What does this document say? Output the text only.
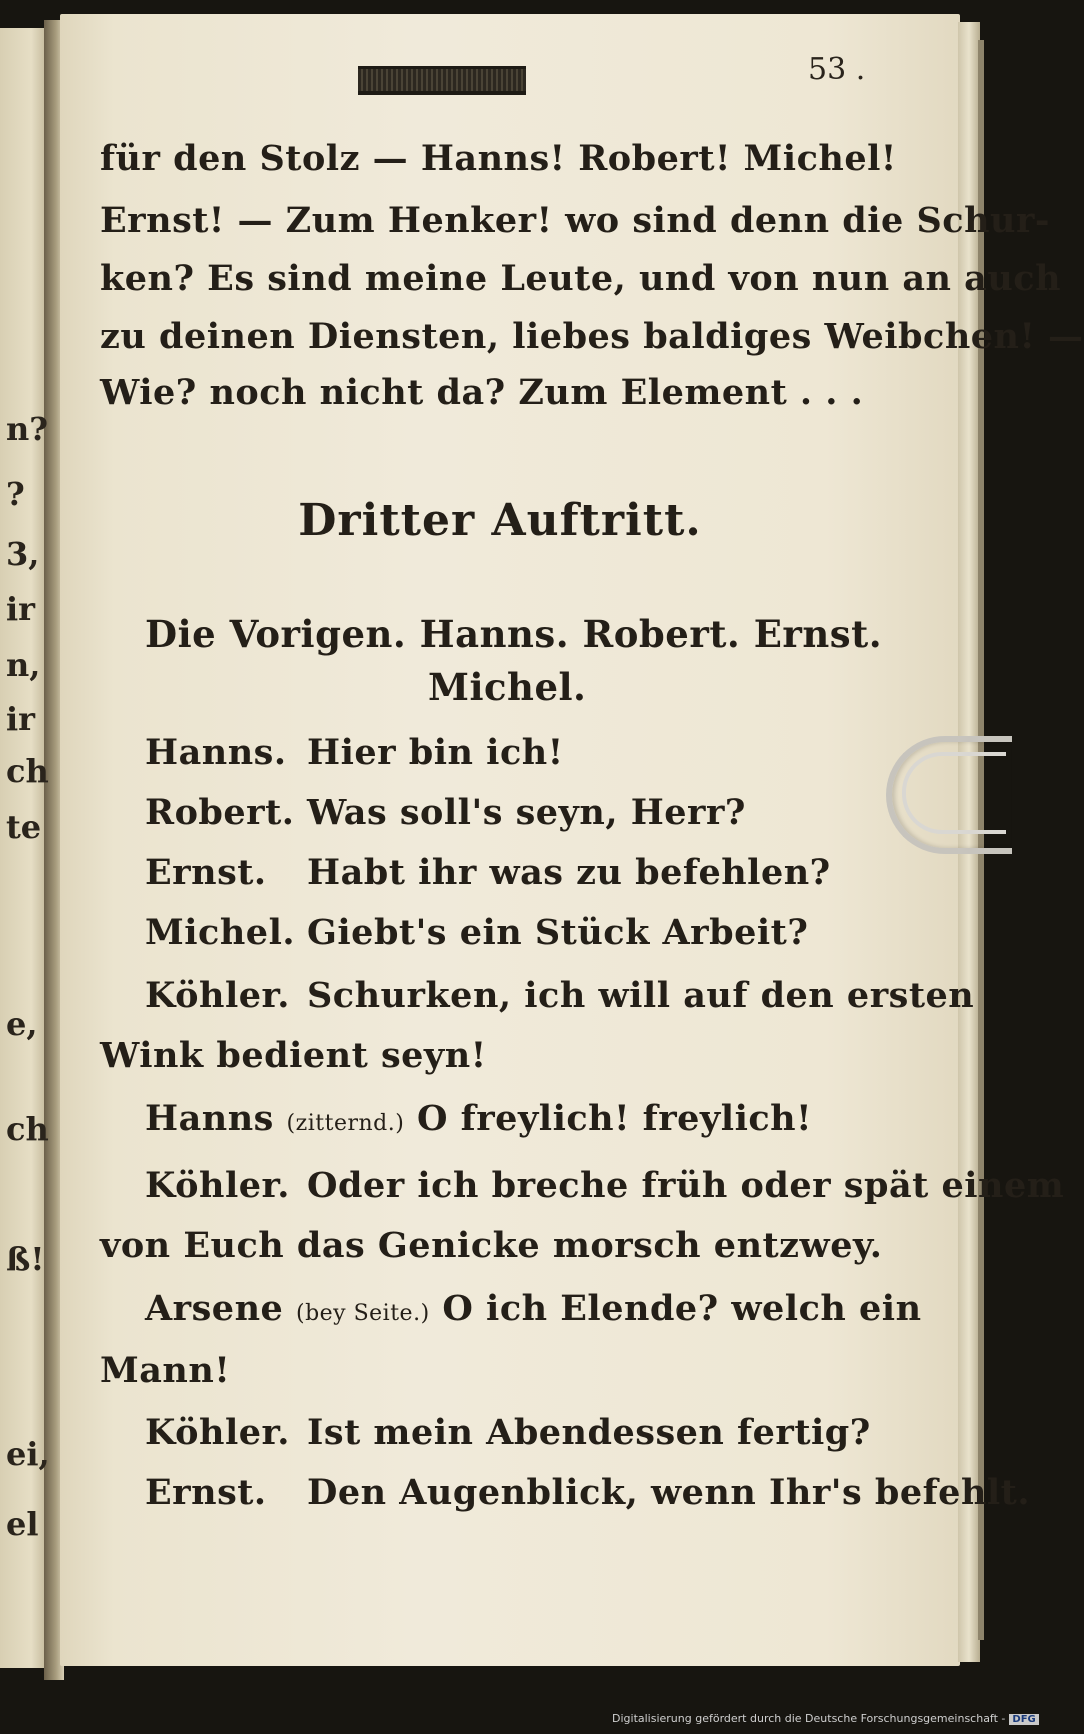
n?
?
3,
ir
n,
ir
ch
te
e,
ch
ß!
ei,
el
53 .
für den Stolz — Hanns! Robert! Michel!
Ernst! — Zum Henker! wo sind denn die Schur-
ken? Es sind meine Leute, und von nun an auch
zu deinen Diensten, liebes baldiges Weibchen! —
Wie? noch nicht da? Zum Element . . .
Dritter Auftritt.
Die Vorigen. Hanns. Robert. Ernst.
Michel.
Hanns. Hier bin ich!
Robert. Was soll's seyn, Herr?
Ernst. Habt ihr was zu befehlen?
Michel. Giebt's ein Stück Arbeit?
Köhler. Schurken, ich will auf den ersten
Wink bedient seyn!
Hanns (zitternd.) O freylich! freylich!
Köhler. Oder ich breche früh oder spät einem
von Euch das Genicke morsch entzwey.
Arsene (bey Seite.) O ich Elende? welch ein
Mann!
Köhler. Ist mein Abendessen fertig?
Ernst. Den Augenblick, wenn Ihr's befehlt.
Digitalisierung gefördert durch die Deutsche Forschungsgemeinschaft - DFG
